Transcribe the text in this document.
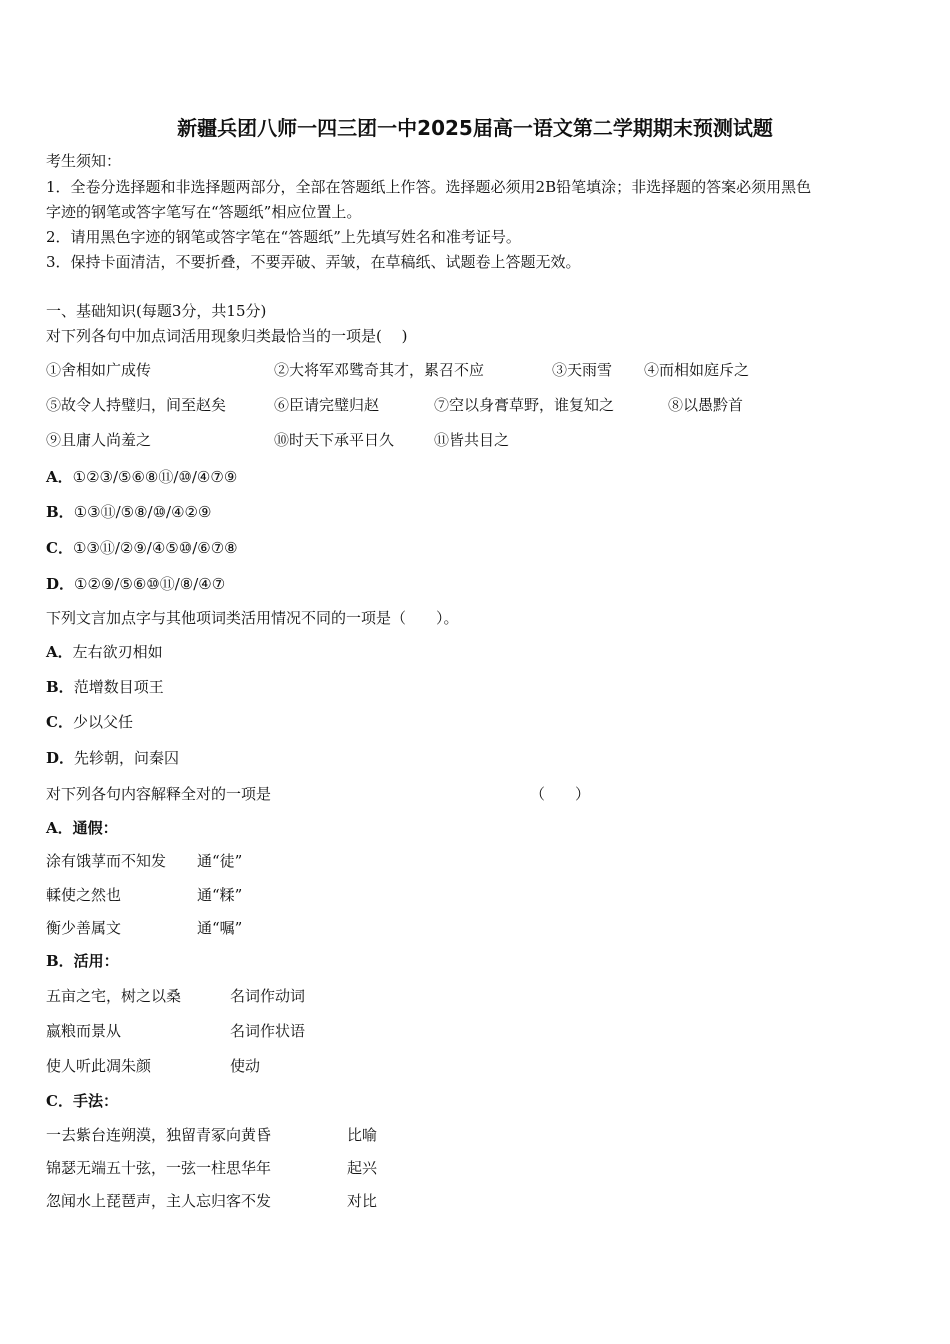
新疆兵团八师一四三团一中2025届高一语文第二学期期末预测试题
考生须知：
1．全卷分选择题和非选择题两部分，全部在答题纸上作答。选择题必须用2B铅笔填涂；非选择题的答案必须用黑色
字迹的钢笔或答字笔写在“答题纸”相应位置上。
2．请用黑色字迹的钢笔或答字笔在“答题纸”上先填写姓名和准考证号。
3．保持卡面清洁，不要折叠，不要弄破、弄皱，在草稿纸、试题卷上答题无效。
一、基础知识(每题3分，共15分)
对下列各句中加点词活用现象归类最恰当的一项是(　 )
①舍相如广成传	②大将军邓骘奇其才，累召不应	③天雨雪 ④而相如庭斥之
⑤故令人持璧归，间至赵矣	⑥臣请完璧归赵	⑦空以身膏草野，谁复知之	⑧以愚黔首
⑨且庸人尚羞之	⑩时天下承平日久	⑪皆共目之
A．①②③/⑤⑥⑧⑪/⑩/④⑦⑨
B．①③⑪/⑤⑧/⑩/④②⑨
C．①③⑪/②⑨/④⑤⑩/⑥⑦⑧
D．①②⑨/⑤⑥⑩⑪/⑧/④⑦
下列文言加点字与其他项词类活用情况不同的一项是（　　）。
A．左右欲刃相如
B．范增数目项王
C．少以父任
D．先轸朝，问秦囚
对下列各句内容解释全对的一项是	（　　）
A．通假：
涂有饿莩而不知发 通“徒”
輮使之然也	通“糅”
衡少善属文	通“嘱”
B．活用：
五亩之宅，树之以桑	名词作动词
嬴粮而景从	名词作状语
使人听此凋朱颜	使动
C．手法：
一去紫台连朔漠，独留青冢向黄昏	比喻
锦瑟无端五十弦，一弦一柱思华年	起兴
忽闻水上琵琶声，主人忘归客不发	对比
